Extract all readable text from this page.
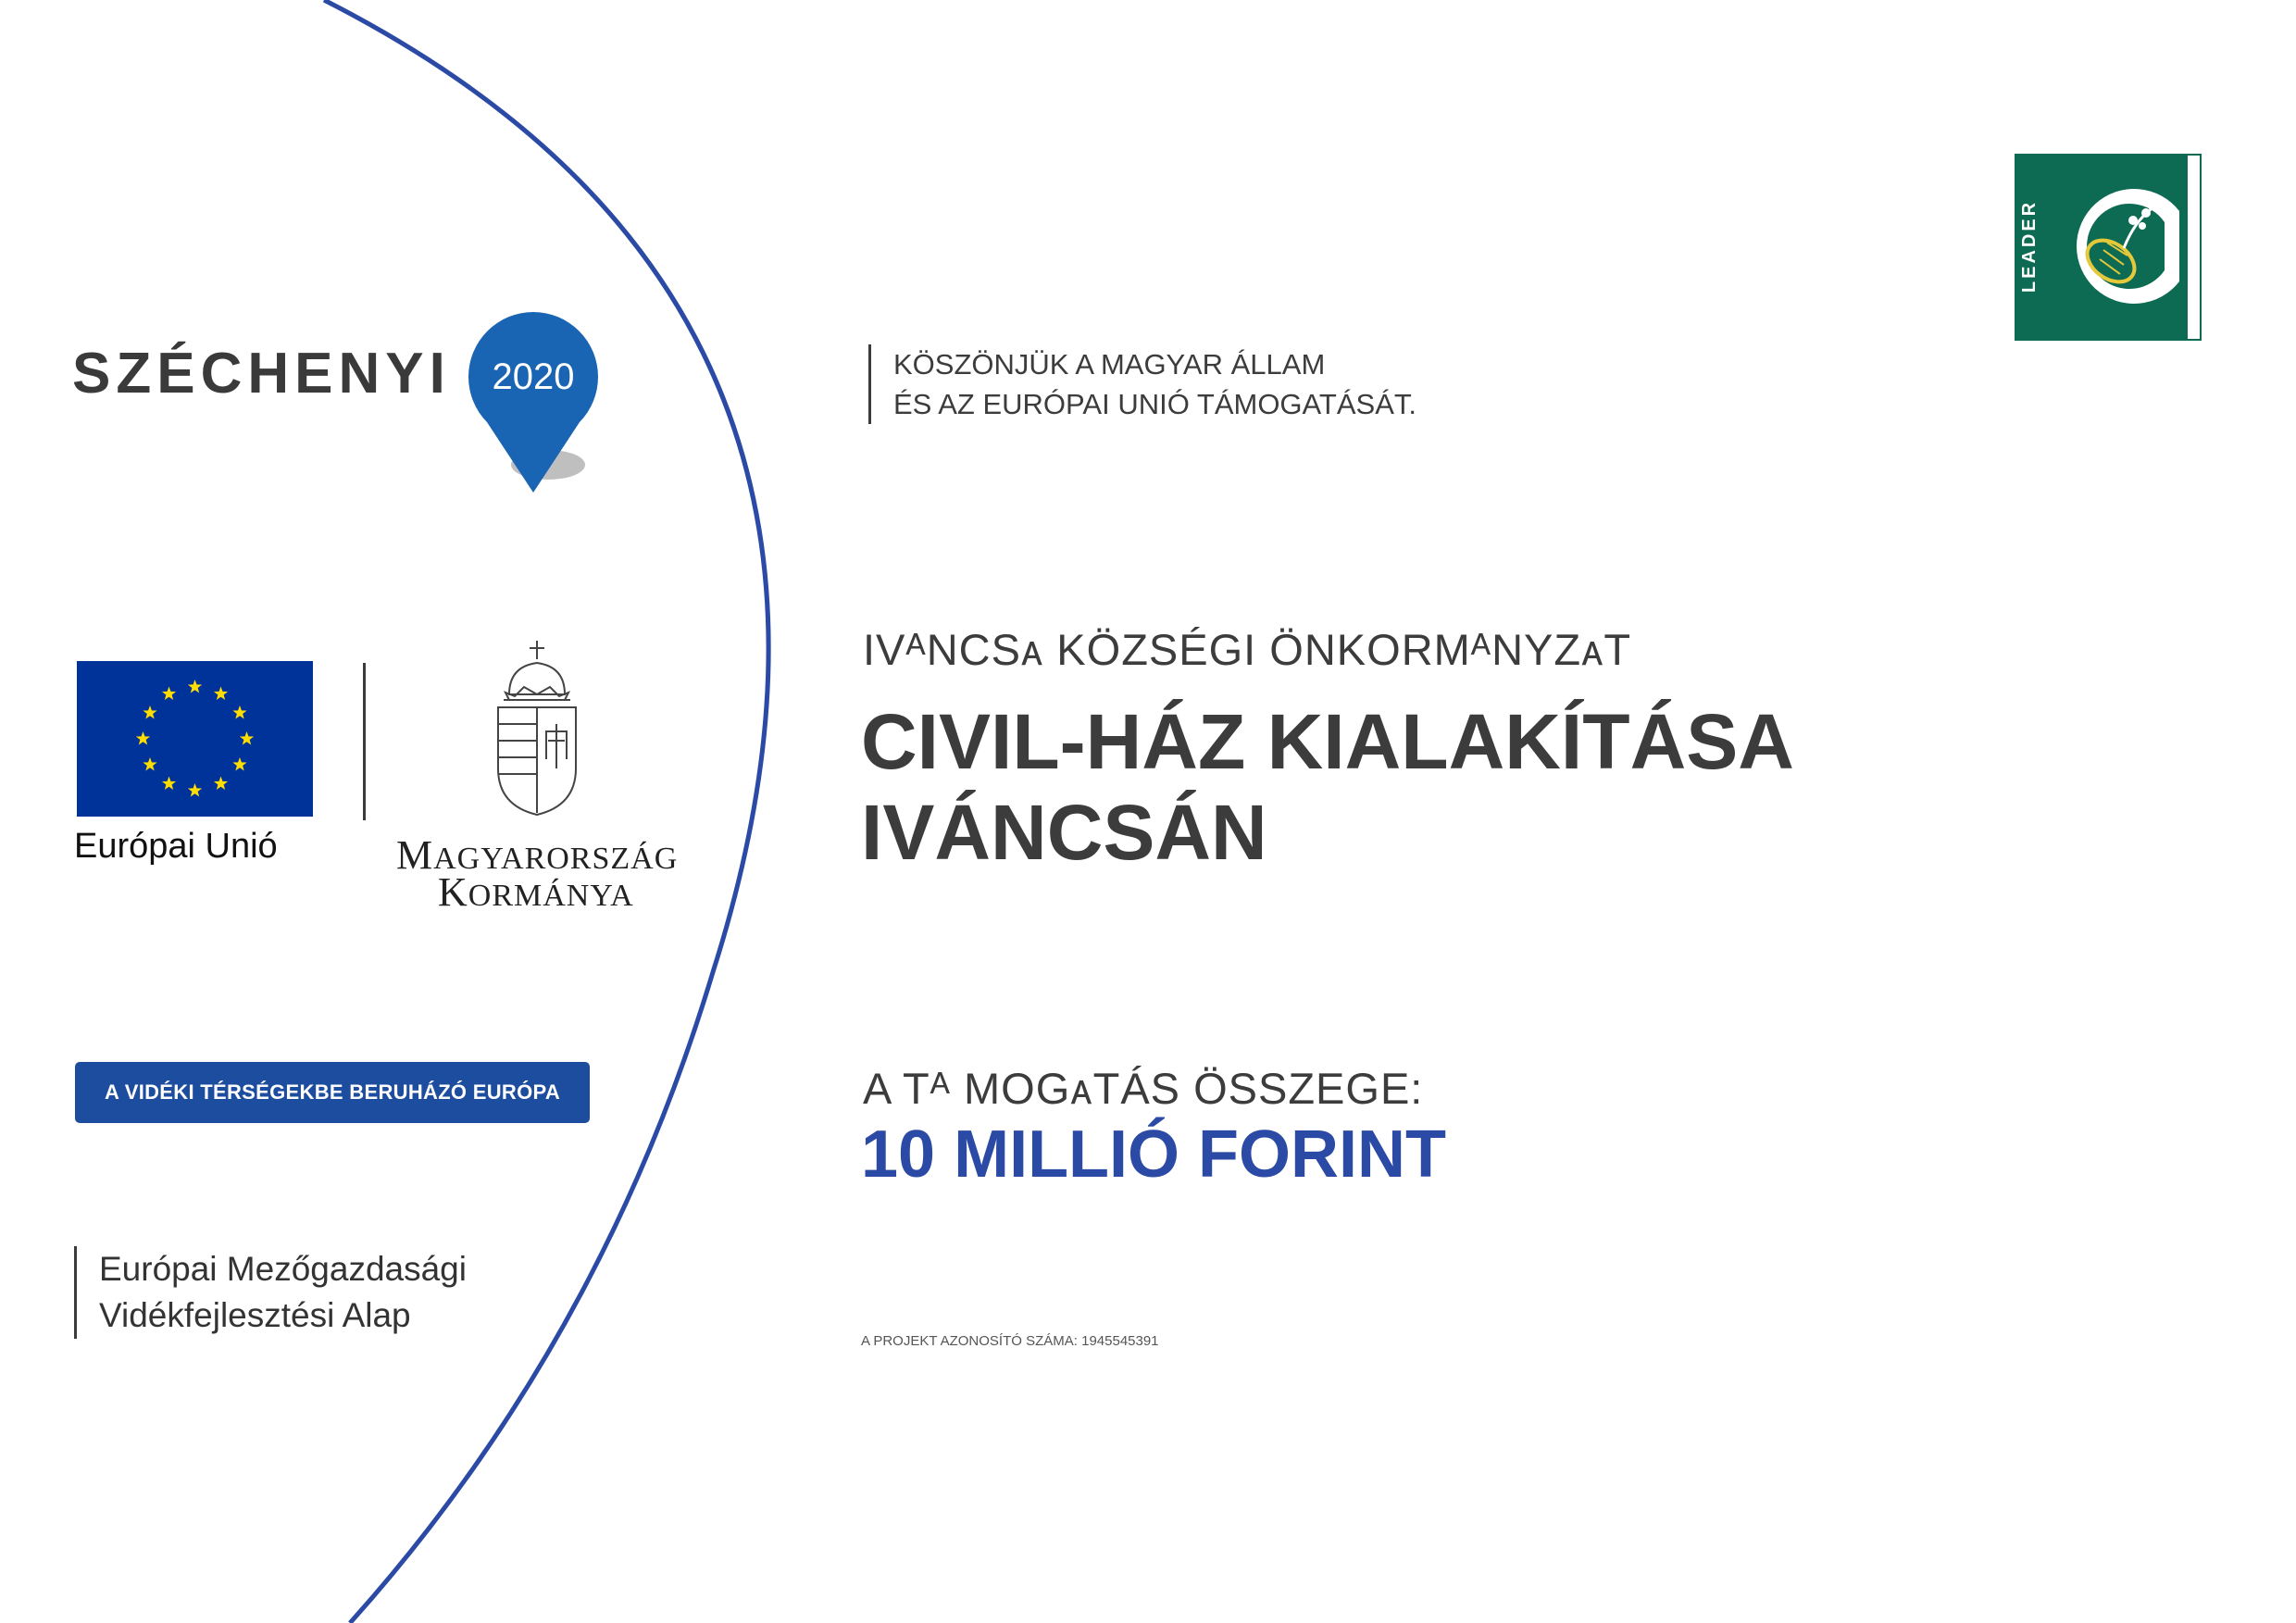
SZÉCHENYI 2020	KÖSZÖNJÜK A MAGYAR ÁLLAM
ÉS AZ EURÓPAI UNIÓ TÁMOGATÁSÁT.
Európai Unió	MAGYARORSZÁG
KORMÁNYA
A VIDÉKI TÉRSÉGEKBE BERUHÁZÓ EURÓPA
Európai Mezőgazdasági
Vidékfejlesztési Alap
IVᴬNCSᴀ KÖZSÉGI ÖNKORMᴬNYZᴀT
CIVIL-HÁZ KIALAKÍTÁSA
IVÁNCSÁN
A Tᴬ MOGᴀTÁS ÖSSZEGE:
10 MILLIÓ FORINT
A PROJEKT AZONOSÍTÓ SZÁMA: 1945545391
LEADER
